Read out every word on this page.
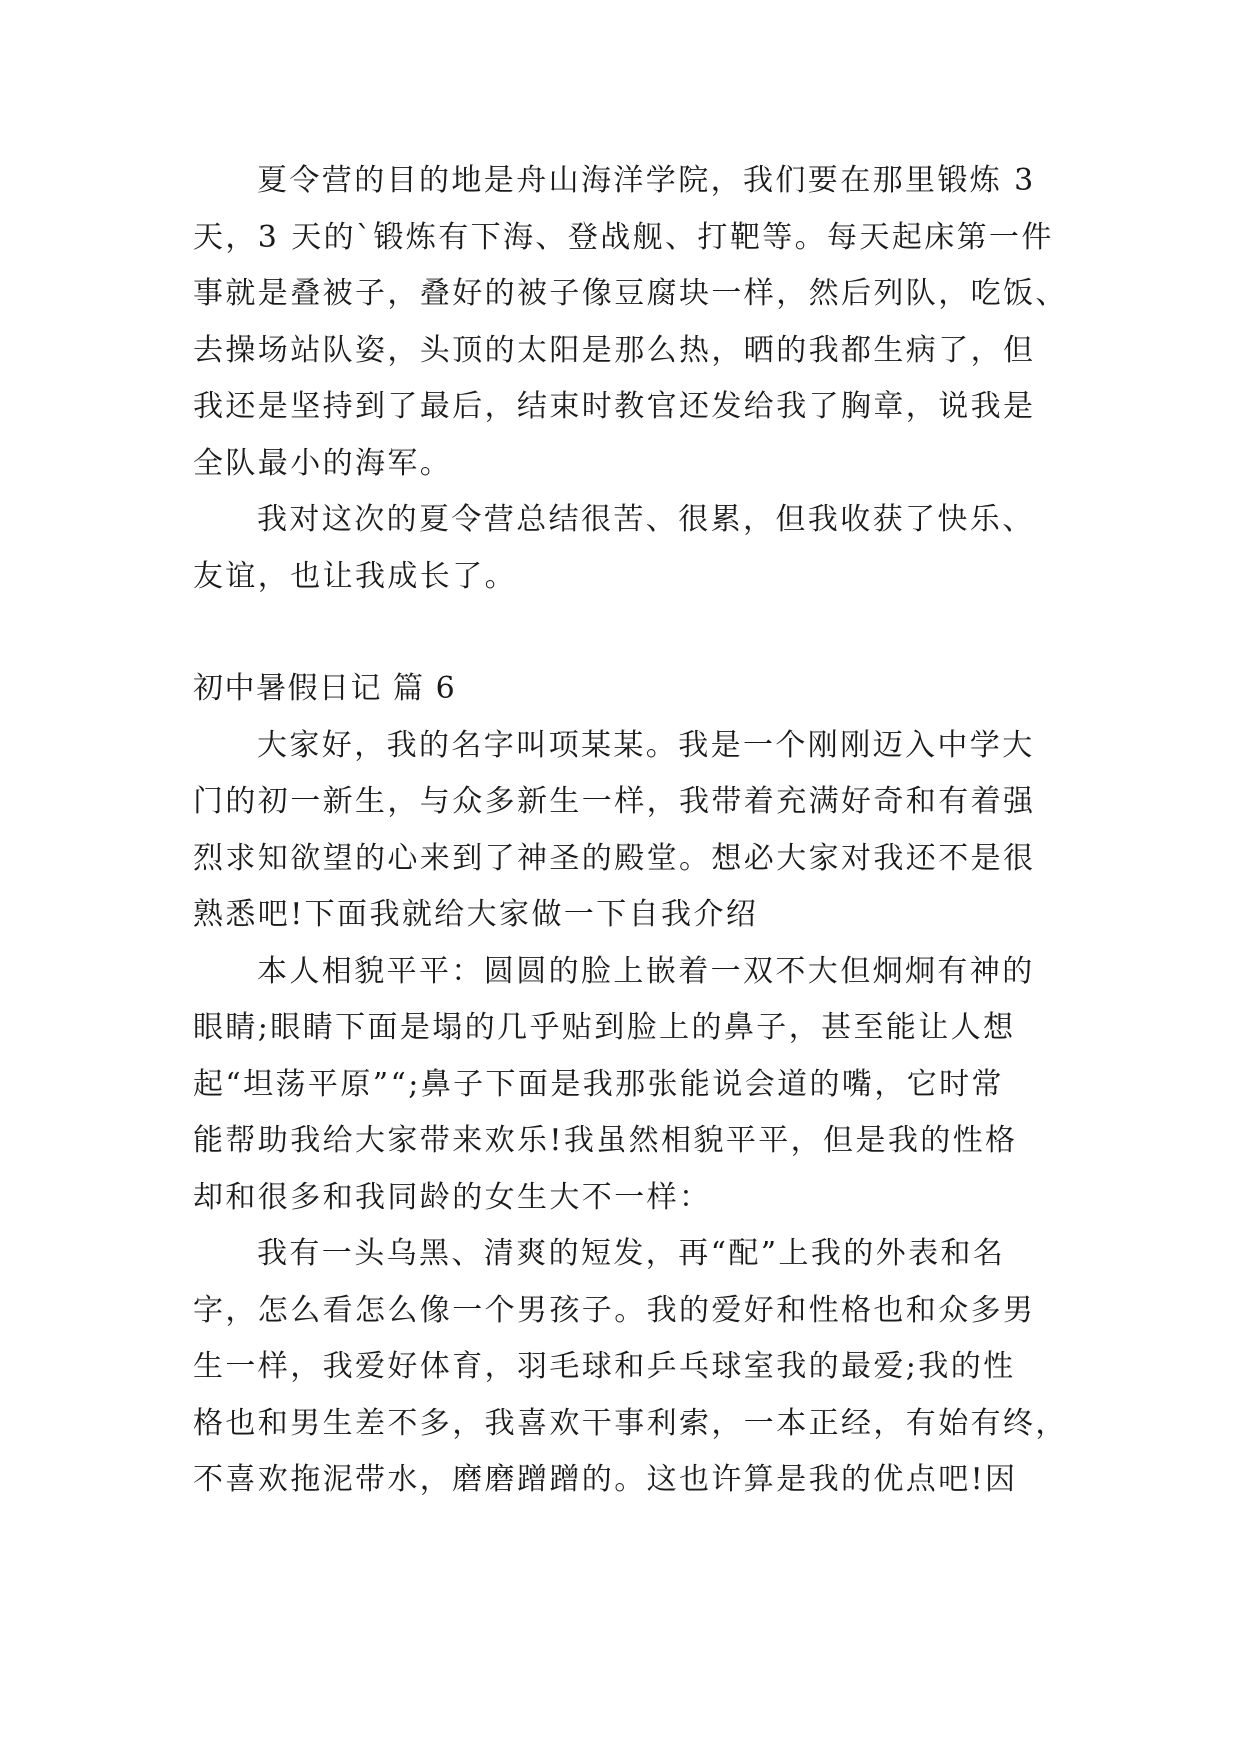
夏令营的目的地是舟山海洋学院，我们要在那里锻炼 3
天，3 天的`锻炼有下海、登战舰、打靶等。每天起床第一件
事就是叠被子，叠好的被子像豆腐块一样，然后列队，吃饭、
去操场站队姿，头顶的太阳是那么热，晒的我都生病了，但
我还是坚持到了最后，结束时教官还发给我了胸章，说我是
全队最小的海军。
我对这次的夏令营总结很苦、很累，但我收获了快乐、
友谊，也让我成长了。
初中暑假日记 篇 6
大家好，我的名字叫项某某。我是一个刚刚迈入中学大
门的初一新生，与众多新生一样，我带着充满好奇和有着强
烈求知欲望的心来到了神圣的殿堂。想必大家对我还不是很
熟悉吧!下面我就给大家做一下自我介绍
本人相貌平平：圆圆的脸上嵌着一双不大但炯炯有神的
眼睛;眼睛下面是塌的几乎贴到脸上的鼻子，甚至能让人想
起“坦荡平原”“;鼻子下面是我那张能说会道的嘴，它时常
能帮助我给大家带来欢乐!我虽然相貌平平，但是我的性格
却和很多和我同龄的女生大不一样：
我有一头乌黑、清爽的短发，再“配”上我的外表和名
字，怎么看怎么像一个男孩子。我的爱好和性格也和众多男
生一样，我爱好体育，羽毛球和乒乓球室我的最爱;我的性
格也和男生差不多，我喜欢干事利索，一本正经，有始有终，
不喜欢拖泥带水，磨磨蹭蹭的。这也许算是我的优点吧!因
